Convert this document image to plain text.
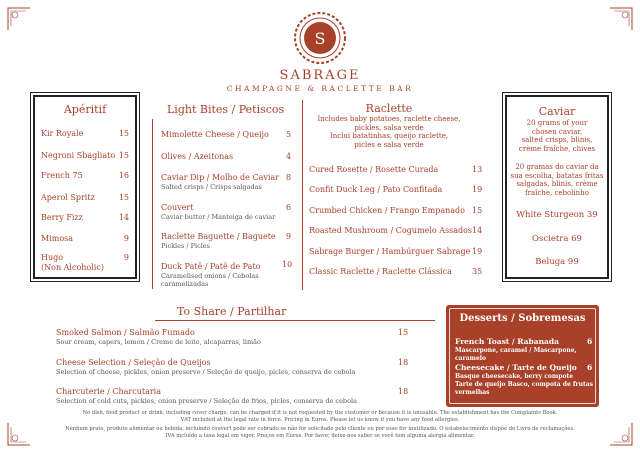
S
SABRAGE
CHAMPAGNE & RACLETTE BAR
Apéritif
Kir Royale	15
Negroni Sbagliato 15
French 75	16
Aperol Spritz	15
Berry Fizz	14
Mimosa	9
Hugo
(Non Alcoholic)
9
Light Bites / Petiscos
Mimolette Cheese / Queijo 5
Olives / Azeitonas	4
Caviar Dip / Molho de Caviar 8
Salted crisps / Crisps salgadas
Couvert	6
Caviar butter / Manteiga de caviar
Raclette Baguette / Baguete 9
Pickles / Picles
Duck Patê / Patê de Pato	10
Caramelised onions / Cebolas
caramelizadas
Raclette
Includes baby potatoes, raclette cheese,
pickles, salsa verde
Inclui batatinhas, queijo raclette,
picles e salsa verde
Cured Rosette / Rosette Curada	13
Confit Duck Leg / Pato Confitada	19
Crumbed Chicken / Frango Empanado 15
Roasted Mushroom / Cogumelo Assados 14
Sabrage Burger / Hambúrguer Sabrage 19
Classic Raclette / Raclette Clássica	35
Caviar
20 grams of your
chosen caviar,
salted crisps, blinis,
crème fraîche, chives
20 gramas do caviar da
sua escolha, batatas fritas
salgadas, blinis, crème
fraîche, cebolinho
White Sturgeon 39
Oscietra 69
Beluga 99
To Share / Partilhar
Smoked Salmon / Salmão Fumado	15
Sour cream, capers, lemon / Creme de leite, alcaparras, limão
Cheese Selection / Seleção de Queijos	18
Selection of cheese, pickles, onion preserve / Seleção de queijo, picles, conserva de cebola
Charcuterie / Charcutaria	18
Selection of cold cuts, pickles, onion preserve / Seleção de frios, picles, conserva de cebola
Desserts / Sobremesas
French Toast / Rabanada	6
Mascarpone, caramel / Mascarpone, caramelo
Cheesecake / Tarte de Queijo 6
Basque cheesecake, berry compote
Tarte de queijo Basco, compota de frutas
vermelhas
No dish, food product or drink, including cover charge, can be charged if it is not requested by the customer or because it is unusable. The establishment has the Complaints Book.
VAT included at the legal rate in force. Pricing in Euros. Please let us know if you have any food allergies.
Nenhum prato, produto alimentar ou bebida, incluindo couvert pode ser cobrado se não for solicitado pelo cliente ou por esse for inutilizado. O estabelecimento dispõe do Livro de reclamações.
IVA incluído a taxa legal em vigor. Preços em Euros. Por favor, deixe-nos saber se você tem alguma alergia alimentar.
